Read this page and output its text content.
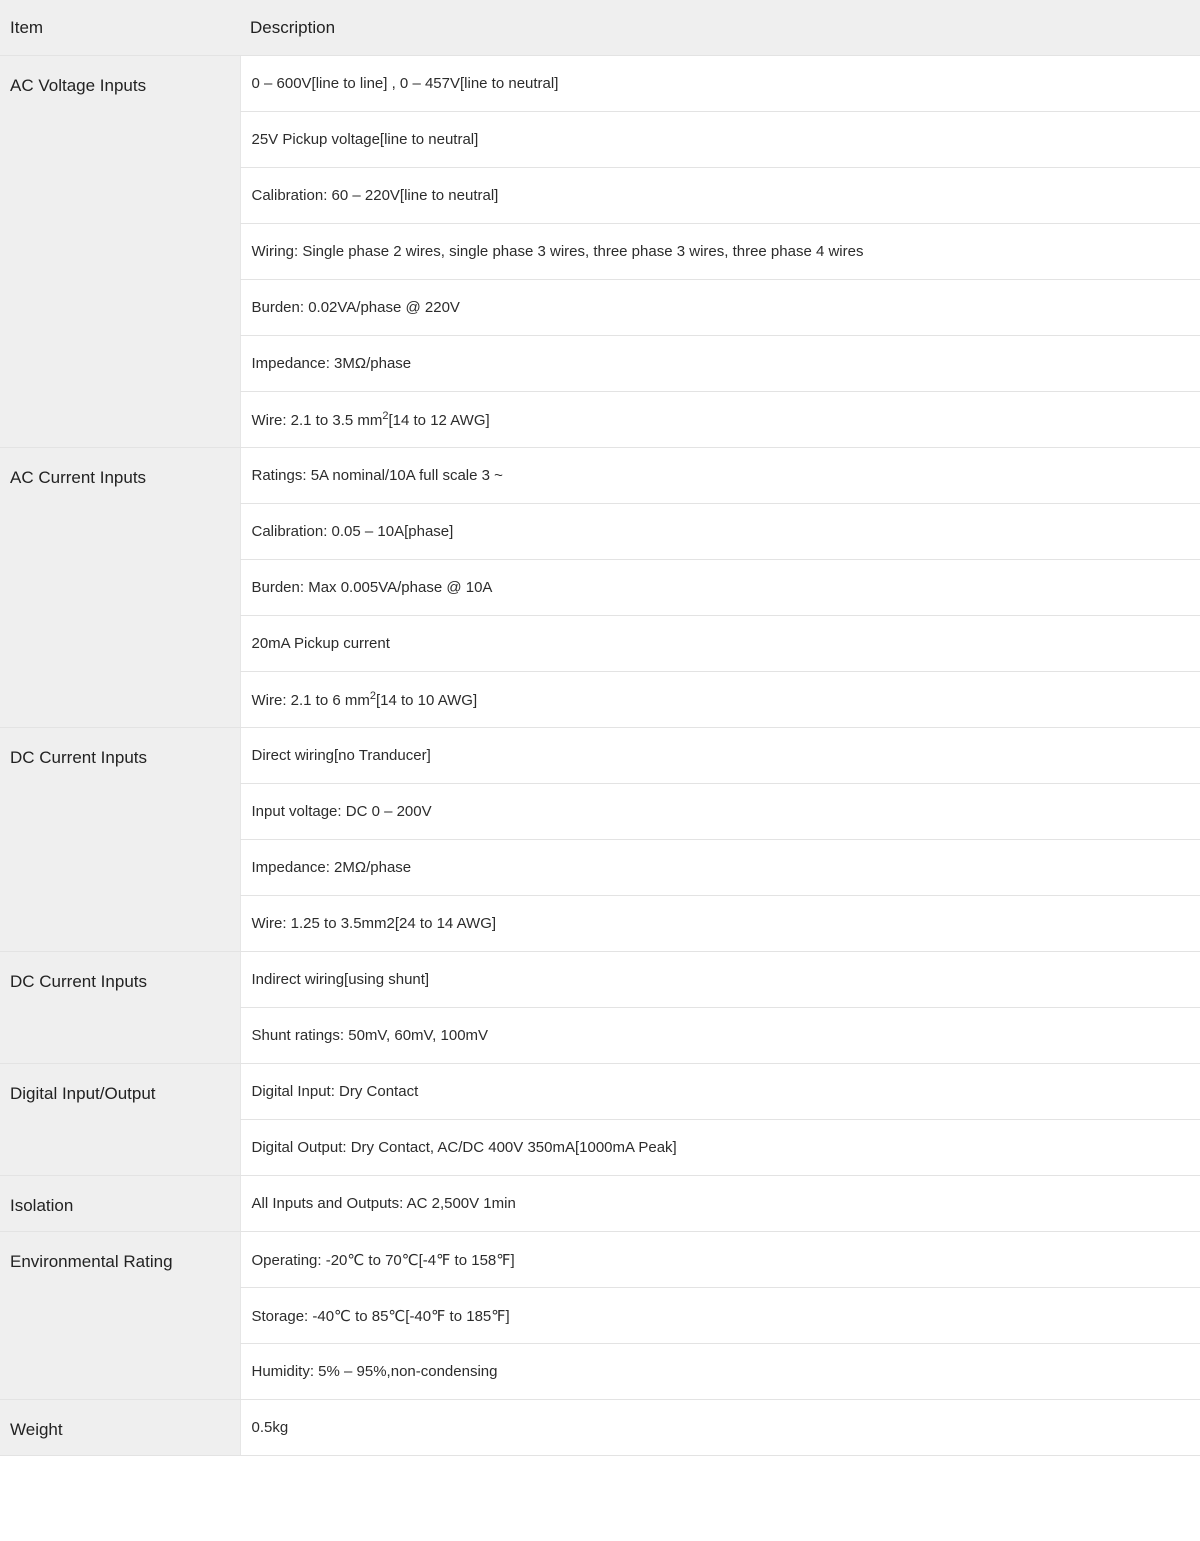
Item	Description
AC Voltage Inputs	0 – 600V[line to line] , 0 – 457V[line to neutral]
	25V Pickup voltage[line to neutral]
	Calibration: 60 – 220V[line to neutral]
	Wiring: Single phase 2 wires, single phase 3 wires, three phase 3 wires, three phase 4 wires
	Burden: 0.02VA/phase @ 220V
	Impedance: 3MΩ/phase
	Wire: 2.1 to 3.5 $mm^2[14$ to 12 AWG]
AC Current Inputs	Ratings: 5A nominal/10A full scale 3 ~
	Calibration: 0.05 – 10A[phase]
	Burden: Max 0.005VA/phase @ 10A
	20mA Pickup current
	Wire: 2.1 to 6 $mm^2[14$ to 10 AWG]
DC Current Inputs	Direct wiring[no Tranducer]
	Input voltage: DC 0 – 200V
	Impedance: 2MΩ/phase
	Wire: 1.25 to 3.5mm2[24 to 14 AWG]
DC Current Inputs	Indirect wiring[using shunt]
	Shunt ratings: 50mV, 60mV, 100mV
Digital Input/Output	Digital Input: Dry Contact
	Digital Output: Dry Contact, AC/DC 400V 350mA[1000mA Peak]
Isolation	All Inputs and Outputs: AC 2,500V 1min
Environmental Rating	Operating: -20℃ to 70℃[-4℉ to 158℉]
	Storage: -40℃ to 85℃[-40℉ to 185℉]
	Humidity: 5% – 95%,non-condensing
Weight	0.5kg
